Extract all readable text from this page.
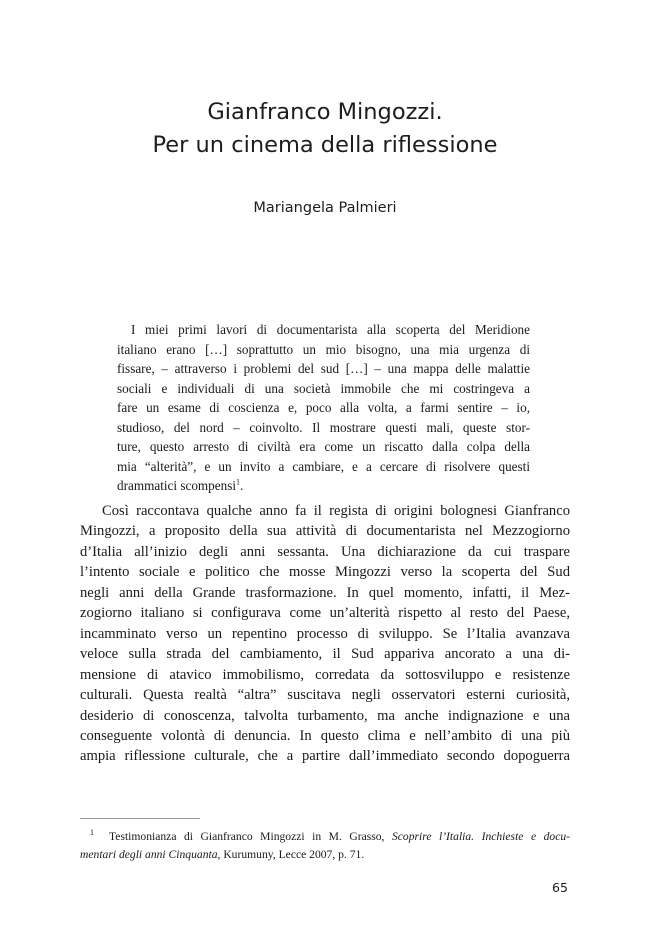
Gianfranco Mingozzi.
Per un cinema della riflessione
Mariangela Palmieri
I miei primi lavori di documentarista alla scoperta del Meridione
italiano erano […] soprattutto un mio bisogno, una mia urgenza di
fissare, – attraverso i problemi del sud […] – una mappa delle malattie
sociali e individuali di una società immobile che mi costringeva a
fare un esame di coscienza e, poco alla volta, a farmi sentire – io,
studioso, del nord – coinvolto. Il mostrare questi mali, queste stor-
ture, questo arresto di civiltà era come un riscatto dalla colpa della
mia “alterità”, e un invito a cambiare, e a cercare di risolvere questi
drammatici scompensi$^1$.
Così raccontava qualche anno fa il regista di origini bolognesi Gianfranco
Mingozzi, a proposito della sua attività di documentarista nel Mezzogiorno
d’Italia all’inizio degli anni sessanta. Una dichiarazione da cui traspare
l’intento sociale e politico che mosse Mingozzi verso la scoperta del Sud
negli anni della Grande trasformazione. In quel momento, infatti, il Mez-
zogiorno italiano si configurava come un’alterità rispetto al resto del Paese,
incamminato verso un repentino processo di sviluppo. Se l’Italia avanzava
veloce sulla strada del cambiamento, il Sud appariva ancorato a una di-
mensione di atavico immobilismo, corredata da sottosviluppo e resistenze
culturali. Questa realtà “altra” suscitava negli osservatori esterni curiosità,
desiderio di conoscenza, talvolta turbamento, ma anche indignazione e una
conseguente volontà di denuncia. In questo clima e nell’ambito di una più
ampia riflessione culturale, che a partire dall’immediato secondo dopoguerra
$^1$ Testimonianza di Gianfranco Mingozzi in M. Grasso, Scoprire l’Italia. Inchieste e docu-
mentari degli anni Cinquanta, Kurumuny, Lecce 2007, p. 71.
65
